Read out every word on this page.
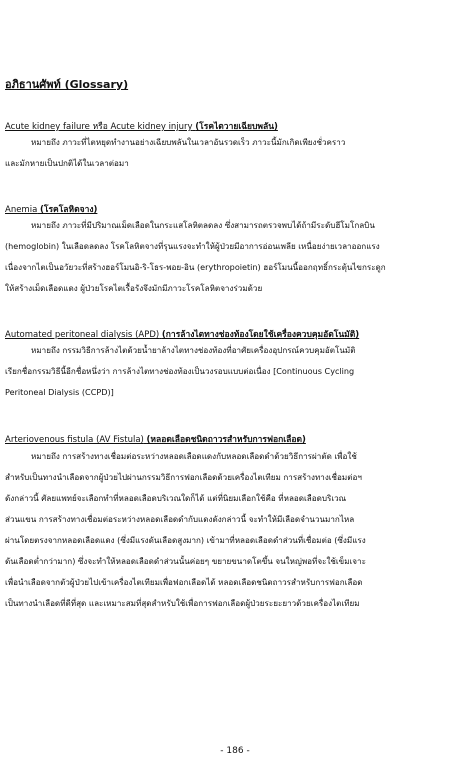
อภิธานศัพท์ (Glossary)
Acute kidney failure หรือ Acute kidney injury (โรคไตวายเฉียบพลัน)
หมายถึง ภาวะที่ไตหยุดทำงานอย่างเฉียบพลันในเวลาอันรวดเร็ว ภาวะนี้มักเกิดเพียงชั่วคราว
และมักหายเป็นปกติได้ในเวลาต่อมา
Anemia (โรคโลหิตจาง)
หมายถึง ภาวะที่มีปริมาณเม็ดเลือดในกระแสโลหิตลดลง ซึ่งสามารถตรวจพบได้ถ้ามีระดับฮีโมโกลบิน
(hemoglobin) ในเลือดลดลง โรคโลหิตจางที่รุนแรงจะทำให้ผู้ป่วยมีอาการอ่อนเพลีย เหนื่อยง่ายเวลาออกแรง
เนื่องจากไตเป็นอวัยวะที่สร้างฮอร์โมนอิ-ริ-โธร-พอย-อิน (erythropoietin) ฮอร์โมนนี้ออกฤทธิ์กระตุ้นไขกระดูก
ให้สร้างเม็ดเลือดแดง ผู้ป่วยโรคไตเรื้อรังจึงมักมีภาวะโรคโลหิตจางร่วมด้วย
Automated peritoneal dialysis (APD) (การล้างไตทางช่องท้องโดยใช้เครื่องควบคุมอัตโนมัติ)
หมายถึง กรรมวิธีการล้างไตด้วยน้ำยาล้างไตทางช่องท้องที่อาศัยเครื่องอุปกรณ์ควบคุมอัตโนมัติ
เรียกชื่อกรรมวิธีนี้อีกชื่อหนึ่งว่า การล้างไตทางช่องท้องเป็นวงรอบแบบต่อเนื่อง [Continuous Cycling
Peritoneal Dialysis (CCPD)]
Arteriovenous fistula (AV Fistula) (หลอดเลือดชนิดถาวรสำหรับการฟอกเลือด)
หมายถึง การสร้างทางเชื่อมต่อระหว่างหลอดเลือดแดงกับหลอดเลือดดำด้วยวิธีการผ่าตัด เพื่อใช้
สำหรับเป็นทางนำเลือดจากผู้ป่วยไปผ่านกรรมวิธีการฟอกเลือดด้วยเครื่องไตเทียม การสร้างทางเชื่อมต่อฯ
ดังกล่าวนี้ ศัลยแพทย์จะเลือกทำที่หลอดเลือดบริเวณใดก็ได้ แต่ที่นิยมเลือกใช้คือ ที่หลอดเลือดบริเวณ
ส่วนแขน การสร้างทางเชื่อมต่อระหว่างหลอดเลือดดำกับแดงดังกล่าวนี้ จะทำให้มีเลือดจำนวนมากไหล
ผ่านโดยตรงจากหลอดเลือดแดง (ซึ่งมีแรงดันเลือดสูงมาก) เข้ามาที่หลอดเลือดดำส่วนที่เชื่อมต่อ (ซึ่งมีแรง
ดันเลือดต่ำกว่ามาก) ซึ่งจะทำให้หลอดเลือดดำส่วนนั้นค่อยๆ ขยายขนาดโตขึ้น จนใหญ่พอที่จะใช้เข็มเจาะ
เพื่อนำเลือดจากตัวผู้ป่วยไปเข้าเครื่องไตเทียมเพื่อฟอกเลือดได้ หลอดเลือดชนิดถาวรสำหรับการฟอกเลือด
เป็นทางนำเลือดที่ดีที่สุด และเหมาะสมที่สุดสำหรับใช้เพื่อการฟอกเลือดผู้ป่วยระยะยาวด้วยเครื่องไตเทียม
- 186 -
